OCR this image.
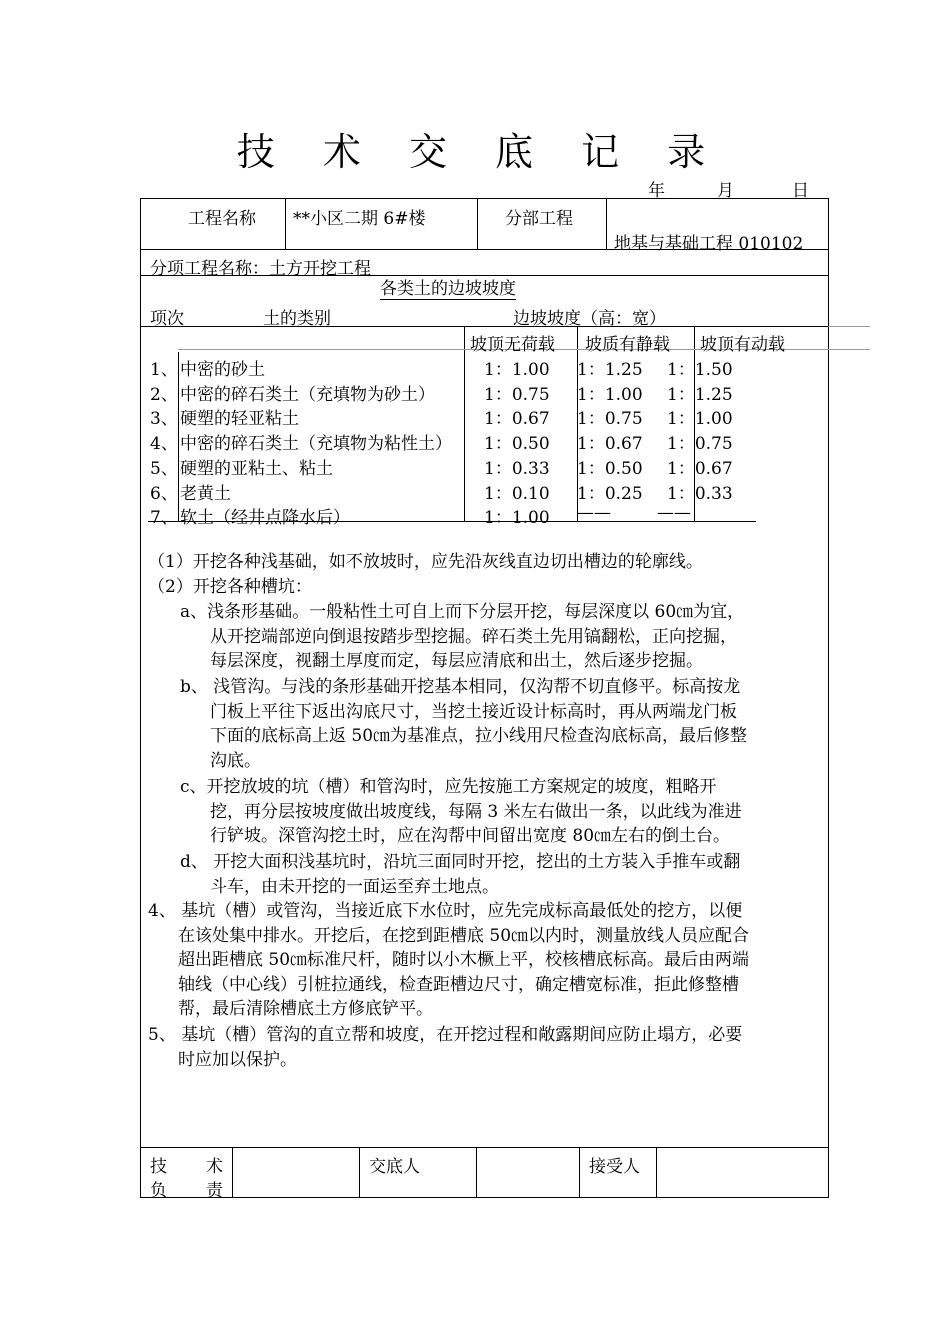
技 术 交 底 记 录
年	月	日
工程名称 **小区二期 6#楼	分部工程
地基与基础工程 010102
分项工程名称：土方开挖工程
各类土的边坡坡度
项次	土的类别	边坡坡度（高：宽）
坡顶无荷载 坡质有静载 坡顶有动载
1、 中密的砂土	1：1.00 1：1.25 1：1.50
2、 中密的碎石类土（充填物为砂土）	1：0.75 1：1.00 1：1.25
3、 硬塑的轻亚粘土	1：0.67 1：0.75 1：1.00
4、 中密的碎石类土（充填物为粘性土） 1：0.50 1：0.67 1：0.75
5、 硬塑的亚粘土、粘土	1：0.33 1：0.50 1：0.67
6、 老黄土	1：0.10 1：0.25 1：0.33
7、 软土（经井点降水后）	1：1.00 ——	——
（1）开挖各种浅基础，如不放坡时，应先沿灰线直边切出槽边的轮廓线。
（2）开挖各种槽坑：
a、浅条形基础。一般粘性土可自上而下分层开挖，每层深度以 60㎝为宜，
从开挖端部逆向倒退按踏步型挖掘。碎石类土先用镐翻松，正向挖掘，
每层深度，视翻土厚度而定，每层应清底和出土，然后逐步挖掘。
b、 浅管沟。与浅的条形基础开挖基本相同，仅沟帮不切直修平。标高按龙
门板上平往下返出沟底尺寸，当挖土接近设计标高时，再从两端龙门板
下面的底标高上返 50㎝为基准点，拉小线用尺检查沟底标高，最后修整
沟底。
c、开挖放坡的坑（槽）和管沟时，应先按施工方案规定的坡度，粗略开
挖，再分层按坡度做出坡度线，每隔 3 米左右做出一条，以此线为准进
行铲坡。深管沟挖土时，应在沟帮中间留出宽度 80㎝左右的倒土台。
d、 开挖大面积浅基坑时，沿坑三面同时开挖，挖出的土方装入手推车或翻
斗车，由未开挖的一面运至弃土地点。
4、 基坑（槽）或管沟，当接近底下水位时，应先完成标高最低处的挖方，以便
在该处集中排水。开挖后，在挖到距槽底 50㎝以内时，测量放线人员应配合
超出距槽底 50㎝标准尺杆，随时以小木橛上平，校核槽底标高。最后由两端
轴线（中心线）引桩拉通线，检查距槽边尺寸，确定槽宽标准，拒此修整槽
帮，最后清除槽底土方修底铲平。
5、 基坑（槽）管沟的直立帮和坡度，在开挖过程和敞露期间应防止塌方，必要
时应加以保护。
技 术
负 责
交底人	接受人
